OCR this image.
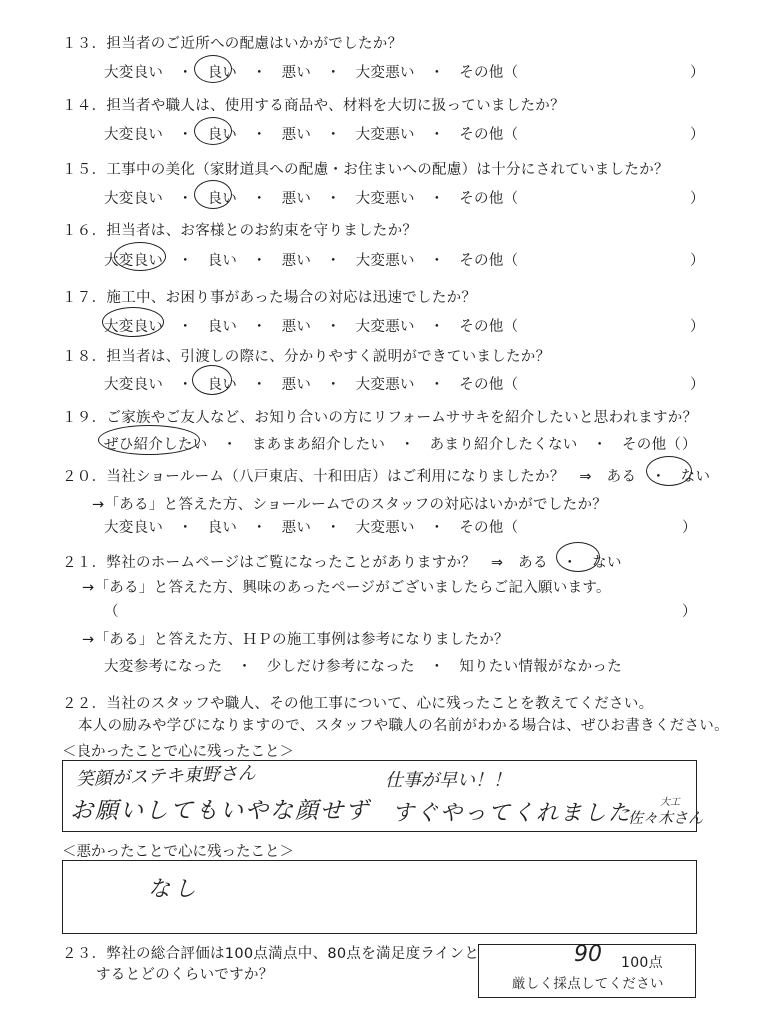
１３．担当者のご近所への配慮はいかがでしたか？
大変良い　・　良い　・　悪い　・　大変悪い　・　その他（	）
１４．担当者や職人は、使用する商品や、材料を大切に扱っていましたか？
大変良い　・　良い　・　悪い　・　大変悪い　・　その他（	）
１５．工事中の美化（家財道具への配慮・お住まいへの配慮）は十分にされていましたか？
大変良い　・　良い　・　悪い　・　大変悪い　・　その他（	）
１６．担当者は、お客様とのお約束を守りましたか？
大変良い　・　良い　・　悪い　・　大変悪い　・　その他（	）
１７．施工中、お困り事があった場合の対応は迅速でしたか？
大変良い　・　良い　・　悪い　・　大変悪い　・　その他（	）
１８．担当者は、引渡しの際に、分かりやすく説明ができていましたか？
大変良い　・　良い　・　悪い　・　大変悪い　・　その他（	）
１９．ご家族やご友人など、お知り合いの方にリフォームササキを紹介したいと思われますか？
ぜひ紹介したい　・　まあまあ紹介したい　・　あまり紹介したくない　・　その他（ ）
２０．当社ショールーム（八戸東店、十和田店）はご利用になりましたか？　⇒　ある　・　ない
→「ある」と答えた方、ショールームでのスタッフの対応はいかがでしたか？
大変良い　・　良い　・　悪い　・　大変悪い　・　その他（	）
２１．弊社のホームページはご覧になったことがありますか？　⇒　ある　・　ない
→「ある」と答えた方、興味のあったページがございましたらご記入願います。
（	）
→「ある」と答えた方、ＨＰの施工事例は参考になりましたか？
大変参考になった　・　少しだけ参考になった　・　知りたい情報がなかった
２２．当社のスタッフや職人、その他工事について、心に残ったことを教えてください。
本人の励みや学びになりますので、スタッフや職人の名前がわかる場合は、ぜひお書きください。
＜良かったことで心に残ったこと＞
笑顔がステキ東野さん
お願いしてもいやな顔せず
仕事が早い！！
すぐやってくれました	大工
佐々木さん
＜悪かったことで心に残ったこと＞
なし
２３．弊社の総合評価は100点満点中、80点を満足度ラインと
するとどのくらいですか？
90 100点
厳しく採点してください
